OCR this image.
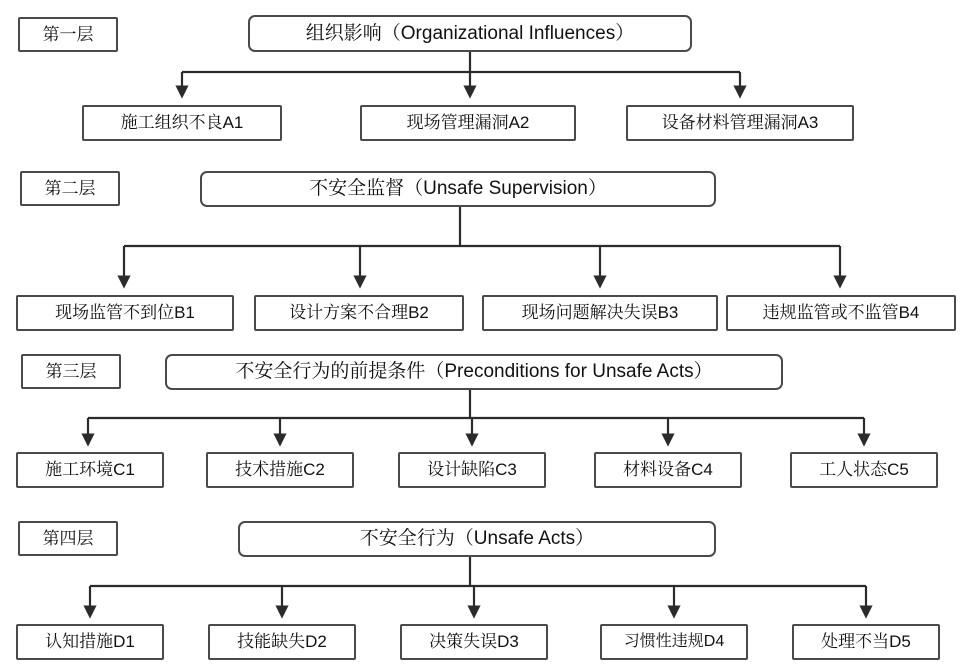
第一层	组织影响（Organizational Influences）
施工组织不良A1	现场管理漏洞A2	设备材料管理漏洞A3
第二层	不安全监督（Unsafe Supervision）
现场监管不到位B1	设计方案不合理B2	现场问题解决失误B3	违规监管或不监管B4
第三层	不安全行为的前提条件（Preconditions for Unsafe Acts）
施工环境C1	技术措施C2	设计缺陷C3	材料设备C4	工人状态C5
第四层	不安全行为（Unsafe Acts）
认知措施D1	技能缺失D2	决策失误D3	习惯性违规D4	处理不当D5
